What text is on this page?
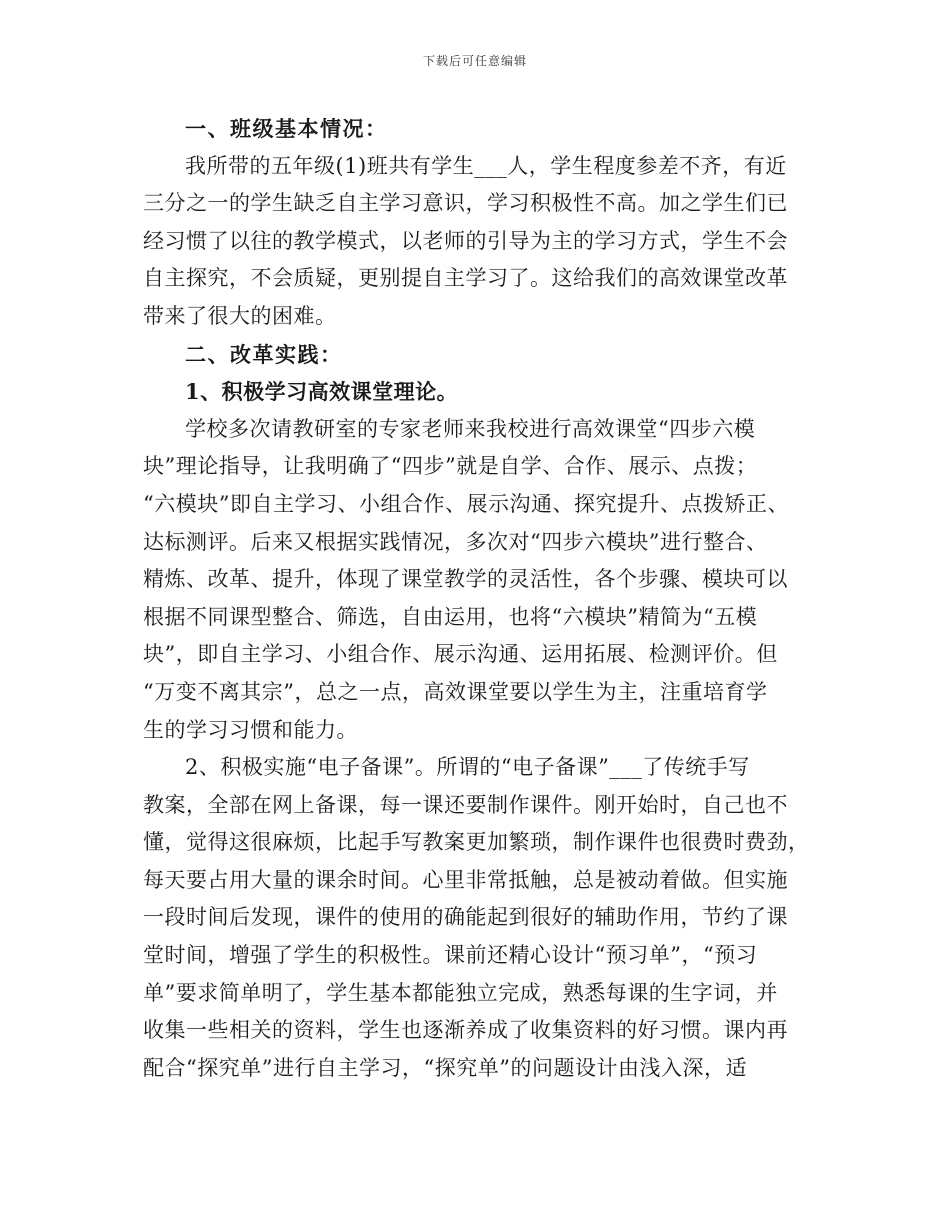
下载后可任意编辑
一、班级基本情况：
我所带的五年级(1)班共有学生___人，学生程度参差不齐，有近
三分之一的学生缺乏自主学习意识，学习积极性不高。加之学生们已
经习惯了以往的教学模式，以老师的引导为主的学习方式，学生不会
自主探究，不会质疑，更别提自主学习了。这给我们的高效课堂改革
带来了很大的困难。
二、改革实践：
1、积极学习高效课堂理论。
学校多次请教研室的专家老师来我校进行高效课堂“四步六模
块”理论指导，让我明确了“四步”就是自学、合作、展示、点拨；
“六模块”即自主学习、小组合作、展示沟通、探究提升、点拨矫正、
达标测评。后来又根据实践情况，多次对“四步六模块”进行整合、
精炼、改革、提升，体现了课堂教学的灵活性，各个步骤、模块可以
根据不同课型整合、筛选，自由运用，也将“六模块”精简为“五模
块”，即自主学习、小组合作、展示沟通、运用拓展、检测评价。但
“万变不离其宗”，总之一点，高效课堂要以学生为主，注重培育学
生的学习习惯和能力。
2、积极实施“电子备课”。所谓的“电子备课”___了传统手写
教案，全部在网上备课，每一课还要制作课件。刚开始时，自己也不
懂，觉得这很麻烦，比起手写教案更加繁琐，制作课件也很费时费劲，
每天要占用大量的课余时间。心里非常抵触，总是被动着做。但实施
一段时间后发现，课件的使用的确能起到很好的辅助作用，节约了课
堂时间，增强了学生的积极性。课前还精心设计“预习单”，“预习
单”要求简单明了，学生基本都能独立完成，熟悉每课的生字词，并
收集一些相关的资料，学生也逐渐养成了收集资料的好习惯。课内再
配合“探究单”进行自主学习，“探究单”的问题设计由浅入深，适
